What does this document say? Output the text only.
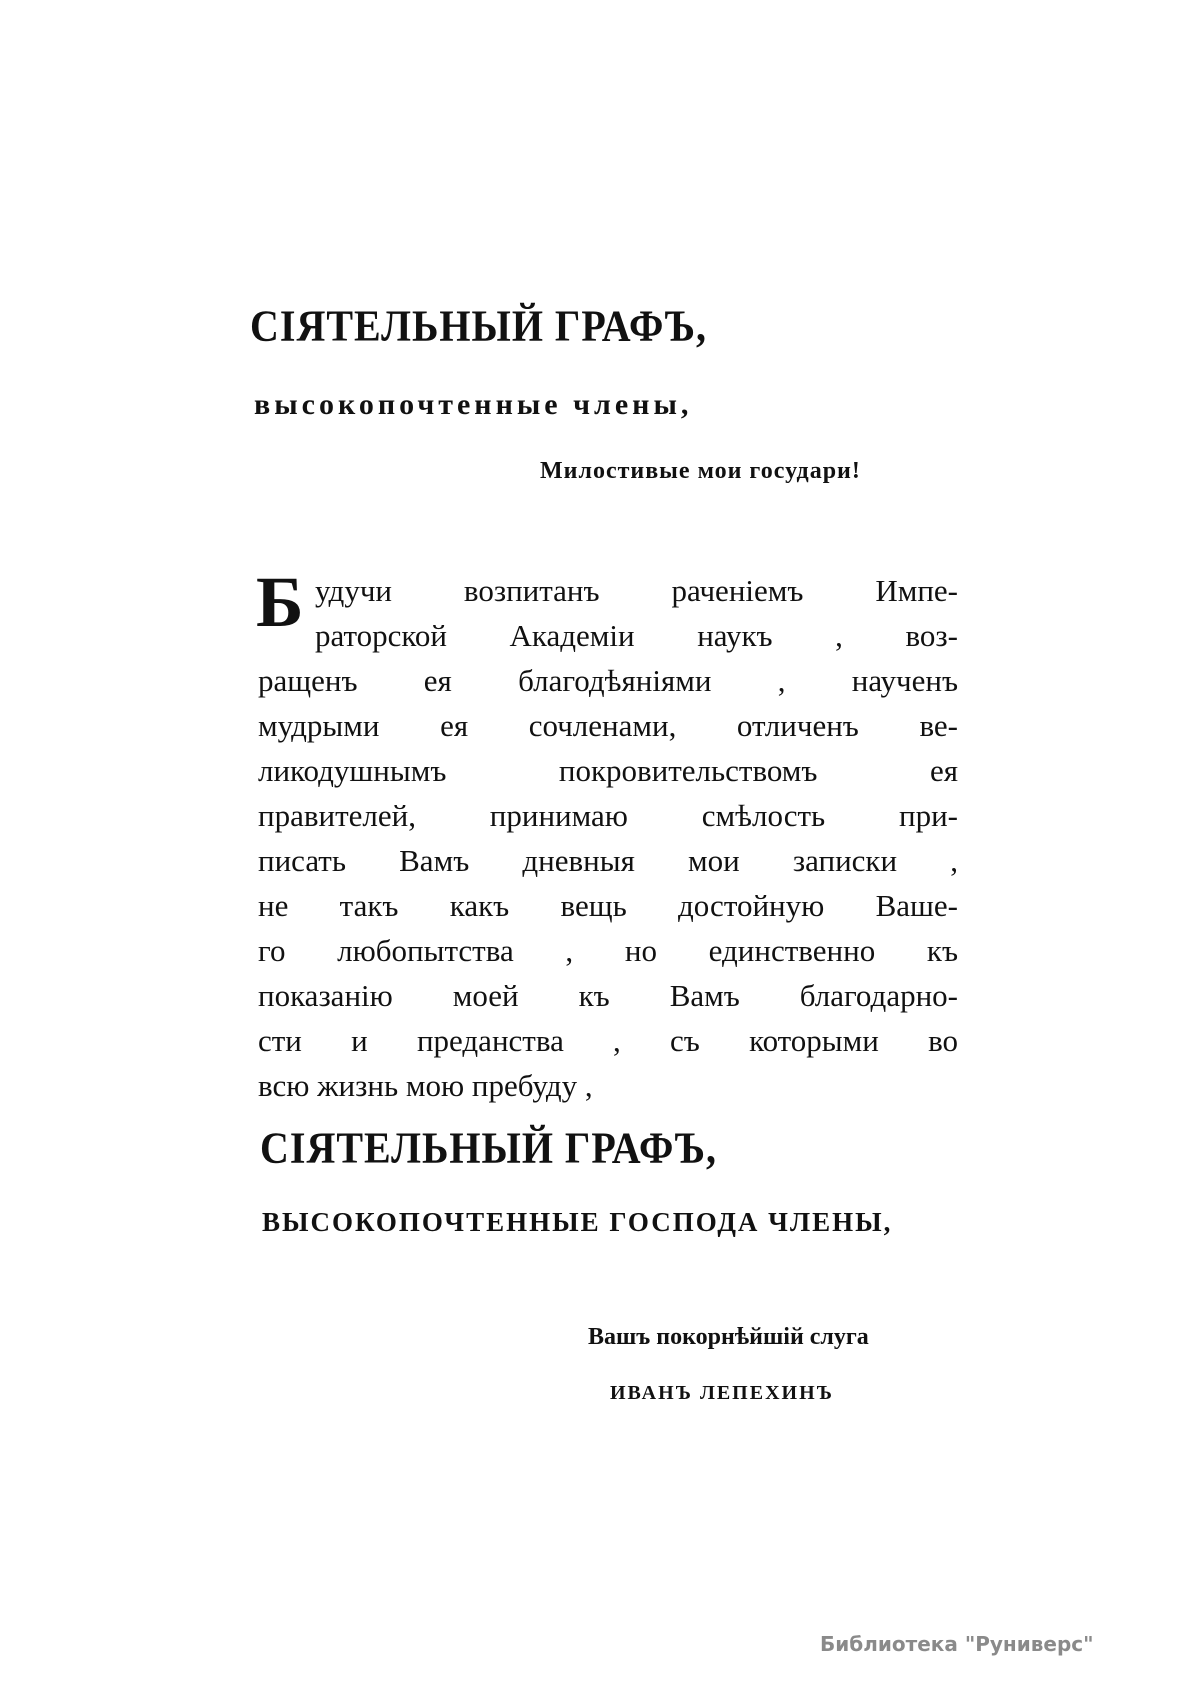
СІЯТЕЛЬНЫЙ ГРАФЪ,
высокопочтенные члены,
Милостивые мои государи!
Б удучи возпитанъ раченіемъ Импе-
раторской Академіи наукъ , воз-
ращенъ ея благодѣяніями , наученъ
мудрыми ея сочленами, отличенъ ве-
ликодушнымъ покровительствомъ ея
правителей, принимаю смѣлость при-
писать Вамъ дневныя мои записки ,
не такъ какъ вещь достойную Ваше-
го любопытства , но единственно къ
показанію моей къ Вамъ благодарно-
сти и преданства , съ которыми во
всю жизнь мою пребуду ,
СІЯТЕЛЬНЫЙ ГРАФЪ,
ВЫСОКОПОЧТЕННЫЕ ГОСПОДА ЧЛЕНЫ,
Вашъ покорнѣйшій слуга
ИВАНЪ ЛЕПЕХИНЪ
Библиотека "Руниверс"
